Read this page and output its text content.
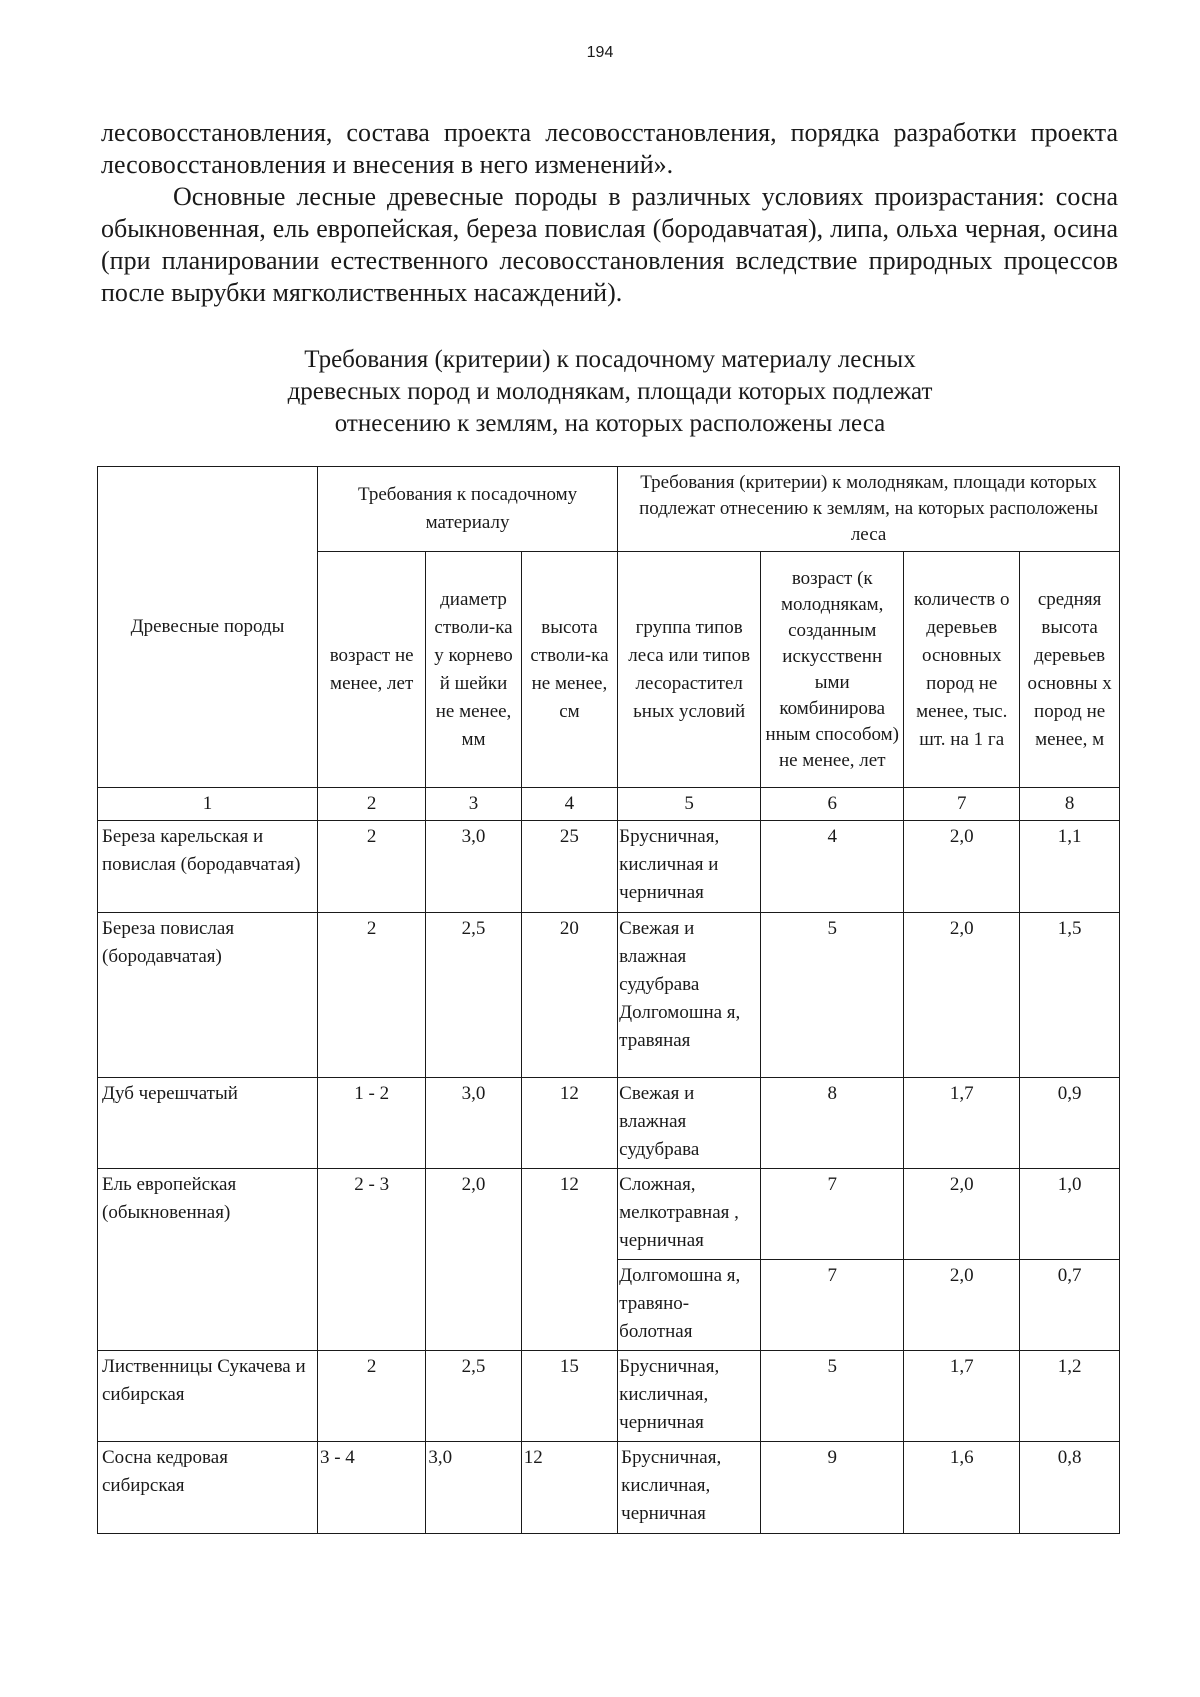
194

лесовосстановления, состава проекта лесовосстановления, порядка разработки проекта лесовосстановления и внесения в него изменений».

Основные лесные древесные породы в различных условиях произрастания: сосна обыкновенная, ель европейская, береза повислая (бородавчатая), липа, ольха черная, осина (при планировании естественного лесовосстановления вследствие природных процессов после вырубки мягколиственных насаждений).

Требования (критерии) к посадочному материалу лесных
древесных пород и молоднякам, площади которых подлежат
отнесению к землям, на которых расположены леса
Древесные породы	Требования к посадочному материалу			Требования (критерии) к молоднякам, площади которых подлежат отнесению к землям, на которых расположены леса			
	возраст не менее, лет	диаметр стволи-ка у корнево й шейки не менее, мм	высота стволи-ка не менее, см	группа типов леса или типов лесорастител ьных условий	возраст (к молоднякам, созданным искусственн ыми комбинирова нным способом) не менее, лет	количеств о деревьев основных пород не менее, тыс. шт. на 1 га	средняя высота деревьев основны х пород не менее, м
1	2	3	4	5	6	7	8
Береза карельская и повислая (бородавчатая)	2	3,0	25	Брусничная, кисличная и черничная	4	2,0	1,1
Береза повислая (бородавчатая)	2	2,5	20	Свежая и влажная судубрава Долгомошна я, травяная	5	2,0	1,5
Дуб черешчатый	1 - 2	3,0	12	Свежая и влажная судубрава	8	1,7	0,9
Ель европейская (обыкновенная)	2 - 3	2,0	12	Сложная, мелкотравная , черничная	7	2,0	1,0
				Долгомошна я, травяно-болотная	7	2,0	0,7
Лиственницы Сукачева и сибирская	2	2,5	15	Брусничная, кисличная, черничная	5	1,7	1,2
Сосна кедровая сибирская	3 - 4	3,0	12	Брусничная, кисличная, черничная	9	1,6	0,8
